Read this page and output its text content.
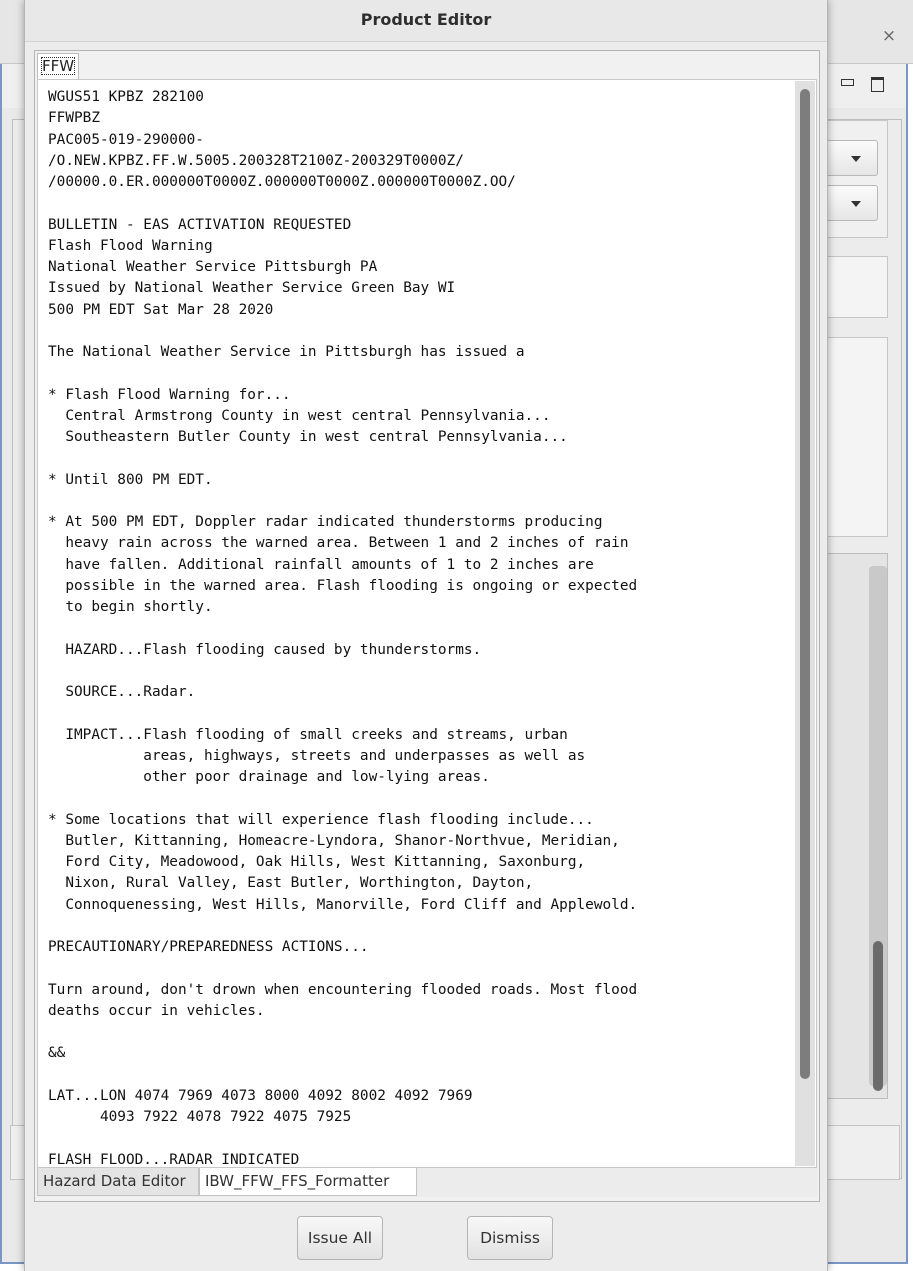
×
Product Editor
FFW
WGUS51 KPBZ 282100
FFWPBZ
PAC005-019-290000-
/O.NEW.KPBZ.FF.W.5005.200328T2100Z-200329T0000Z/
/00000.0.ER.000000T0000Z.000000T0000Z.000000T0000Z.OO/

BULLETIN - EAS ACTIVATION REQUESTED
Flash Flood Warning
National Weather Service Pittsburgh PA
Issued by National Weather Service Green Bay WI
500 PM EDT Sat Mar 28 2020

The National Weather Service in Pittsburgh has issued a

* Flash Flood Warning for...
Central Armstrong County in west central Pennsylvania...
Southeastern Butler County in west central Pennsylvania...

* Until 800 PM EDT.

* At 500 PM EDT, Doppler radar indicated thunderstorms producing
heavy rain across the warned area. Between 1 and 2 inches of rain
have fallen. Additional rainfall amounts of 1 to 2 inches are
possible in the warned area. Flash flooding is ongoing or expected
to begin shortly.

HAZARD...Flash flooding caused by thunderstorms.

SOURCE...Radar.

IMPACT...Flash flooding of small creeks and streams, urban
areas, highways, streets and underpasses as well as
other poor drainage and low-lying areas.

* Some locations that will experience flash flooding include...
Butler, Kittanning, Homeacre-Lyndora, Shanor-Northvue, Meridian,
Ford City, Meadowood, Oak Hills, West Kittanning, Saxonburg,
Nixon, Rural Valley, East Butler, Worthington, Dayton,
Connoquenessing, West Hills, Manorville, Ford Cliff and Applewold.

PRECAUTIONARY/PREPAREDNESS ACTIONS...

Turn around, don't drown when encountering flooded roads. Most flood
deaths occur in vehicles.

&&

LAT...LON 4074 7969 4073 8000 4092 8002 4092 7969
4093 7922 4078 7922 4075 7925

FLASH FLOOD...RADAR INDICATED
Hazard Data Editor	IBW_FFW_FFS_Formatter
Issue All	Dismiss
